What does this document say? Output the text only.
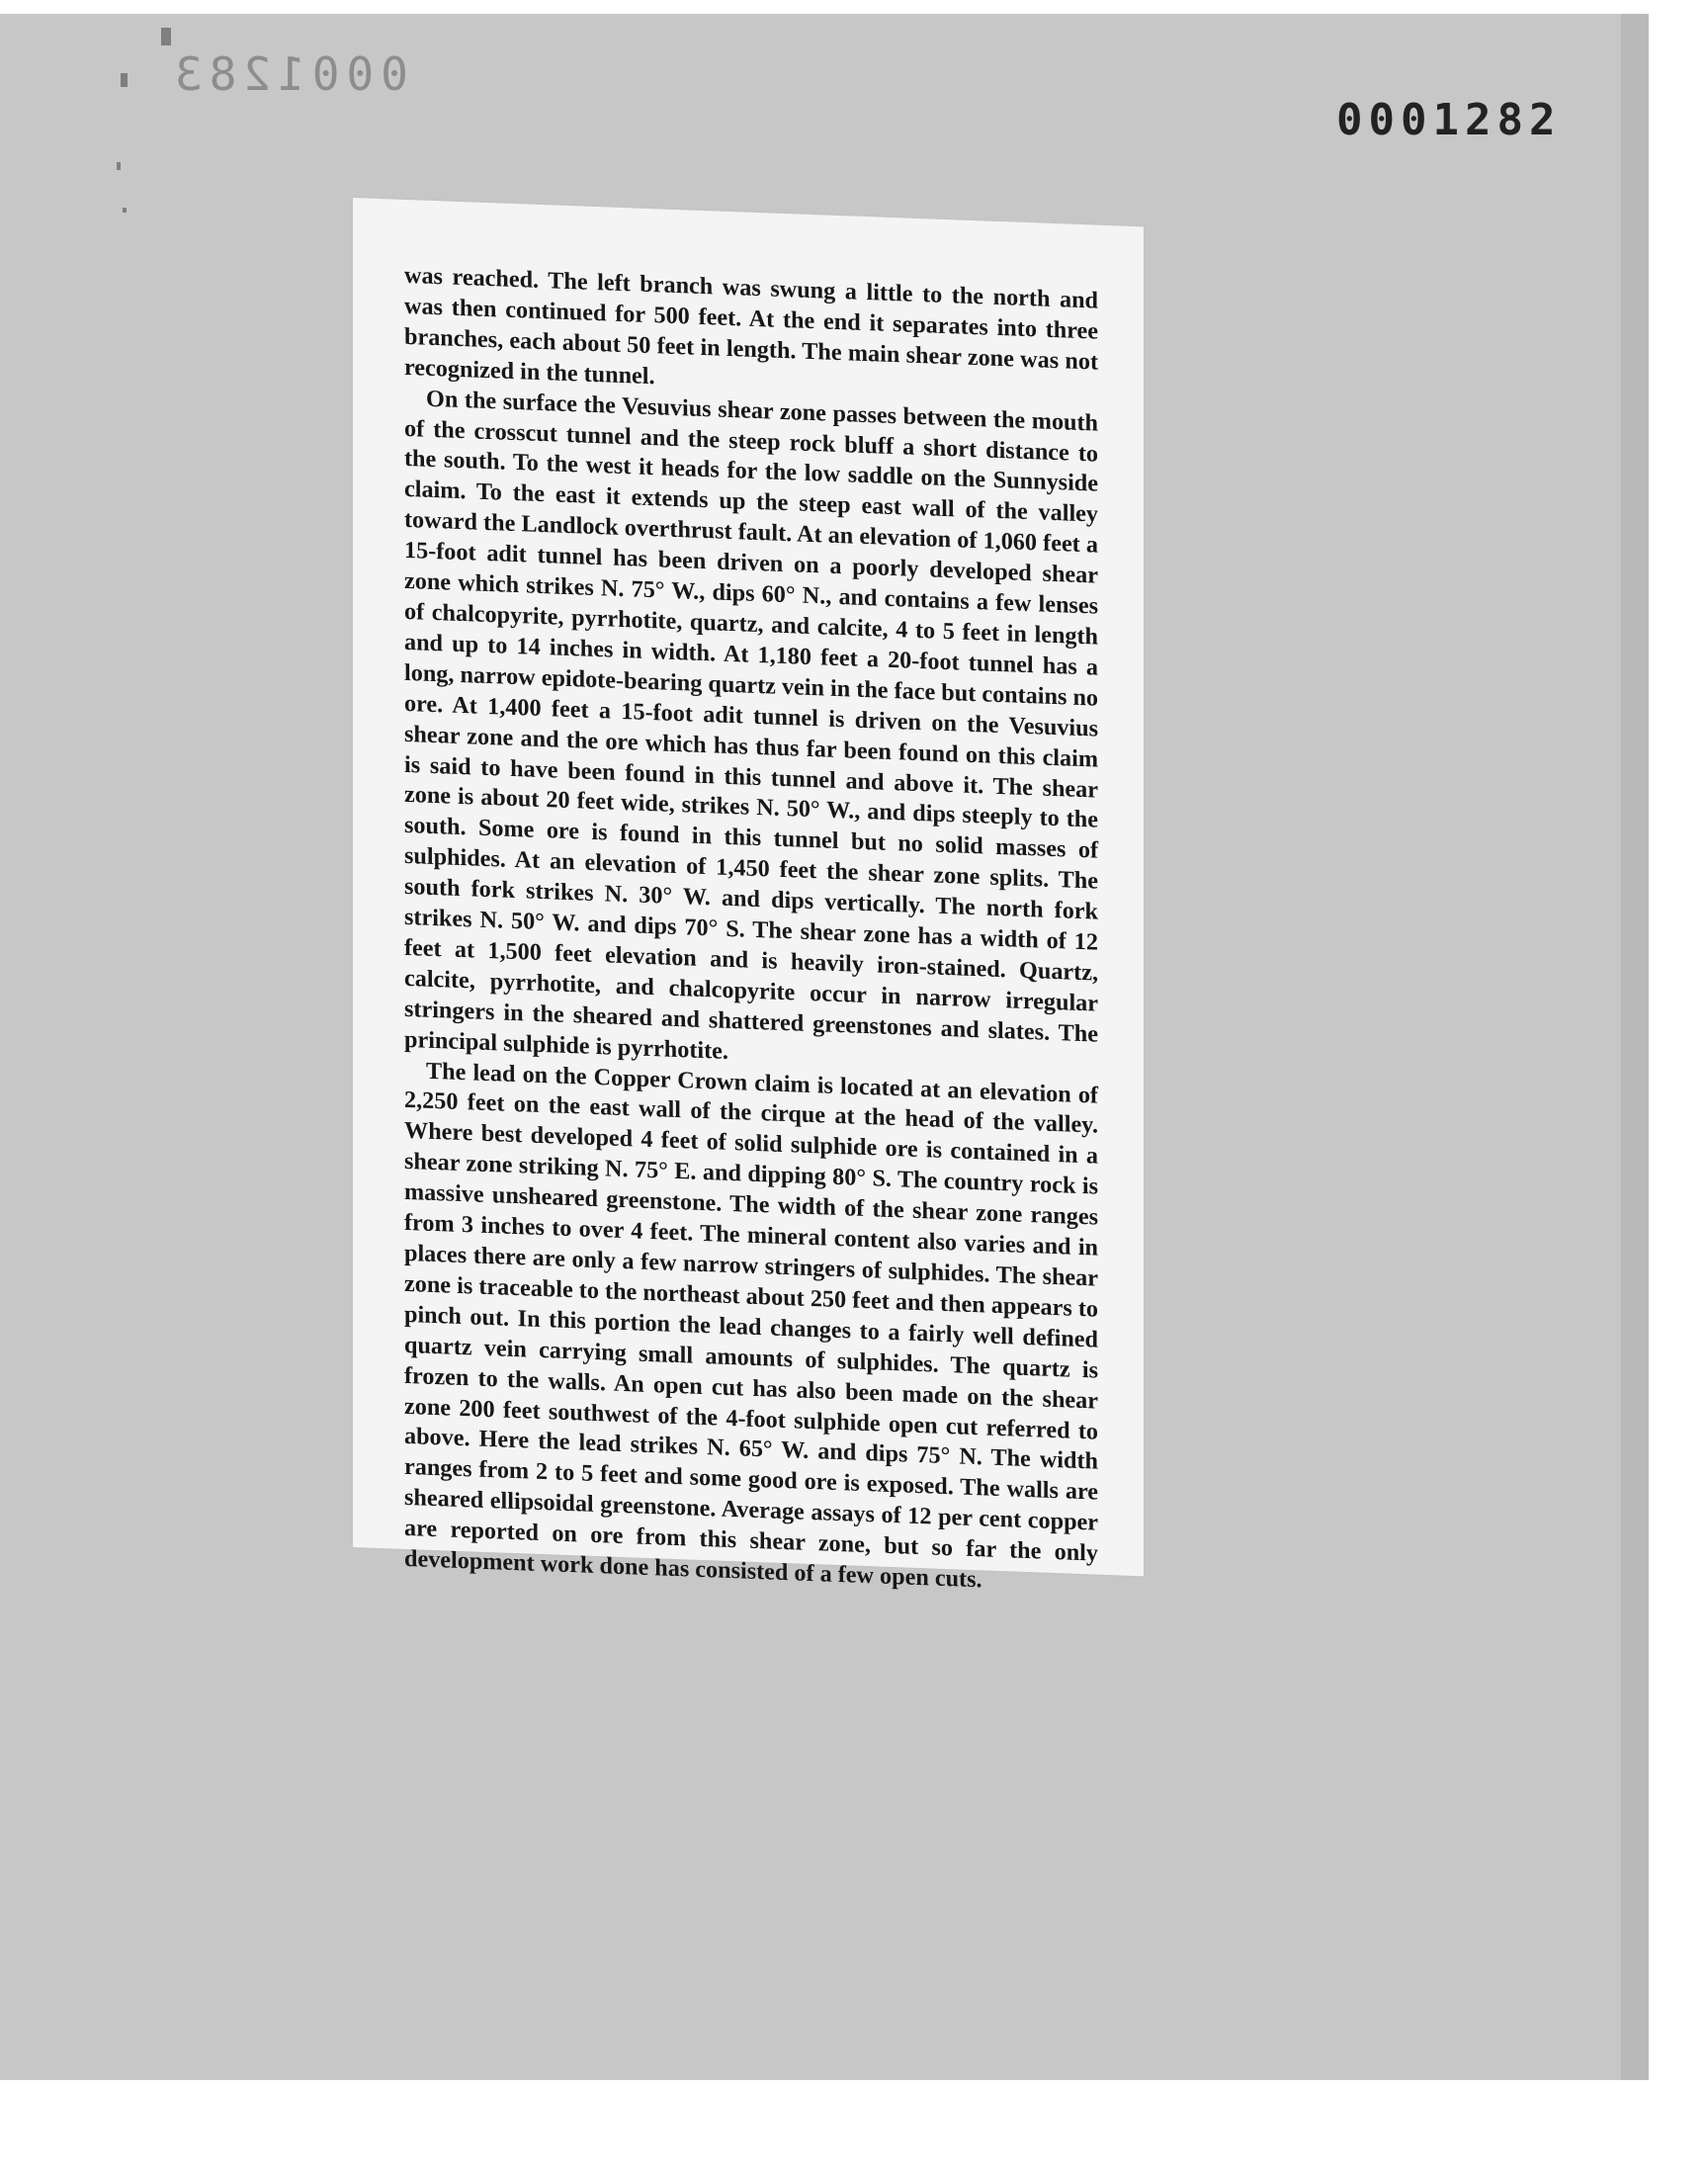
0001283
0001282

was reached. The left branch was swung a little to the north and was then continued for 500 feet. At the end it separates into three branches, each about 50 feet in length. The main shear zone was not recognized in the tunnel.

On the surface the Vesuvius shear zone passes between the mouth of the crosscut tunnel and the steep rock bluff a short distance to the south. To the west it heads for the low saddle on the Sunnyside claim. To the east it extends up the steep east wall of the valley toward the Landlock overthrust fault. At an elevation of 1,060 feet a 15-foot adit tunnel has been driven on a poorly developed shear zone which strikes N. 75° W., dips 60° N., and contains a few lenses of chalcopyrite, pyrrhotite, quartz, and calcite, 4 to 5 feet in length and up to 14 inches in width. At 1,180 feet a 20-foot tunnel has a long, narrow epidote-bearing quartz vein in the face but contains no ore. At 1,400 feet a 15-foot adit tunnel is driven on the Vesuvius shear zone and the ore which has thus far been found on this claim is said to have been found in this tunnel and above it. The shear zone is about 20 feet wide, strikes N. 50° W., and dips steeply to the south. Some ore is found in this tunnel but no solid masses of sulphides. At an elevation of 1,450 feet the shear zone splits. The south fork strikes N. 30° W. and dips vertically. The north fork strikes N. 50° W. and dips 70° S. The shear zone has a width of 12 feet at 1,500 feet elevation and is heavily iron-stained. Quartz, calcite, pyrrhotite, and chalcopyrite occur in narrow irregular stringers in the sheared and shattered greenstones and slates. The principal sulphide is pyrrhotite.

The lead on the Copper Crown claim is located at an elevation of 2,250 feet on the east wall of the cirque at the head of the valley. Where best developed 4 feet of solid sulphide ore is contained in a shear zone striking N. 75° E. and dipping 80° S. The country rock is massive unsheared greenstone. The width of the shear zone ranges from 3 inches to over 4 feet. The mineral content also varies and in places there are only a few narrow stringers of sulphides. The shear zone is traceable to the northeast about 250 feet and then appears to pinch out. In this portion the lead changes to a fairly well defined quartz vein carrying small amounts of sulphides. The quartz is frozen to the walls. An open cut has also been made on the shear zone 200 feet southwest of the 4-foot sulphide open cut referred to above. Here the lead strikes N. 65° W. and dips 75° N. The width ranges from 2 to 5 feet and some good ore is exposed. The walls are sheared ellipsoidal greenstone. Average assays of 12 per cent copper are reported on ore from this shear zone, but so far the only development work done has consisted of a few open cuts.
